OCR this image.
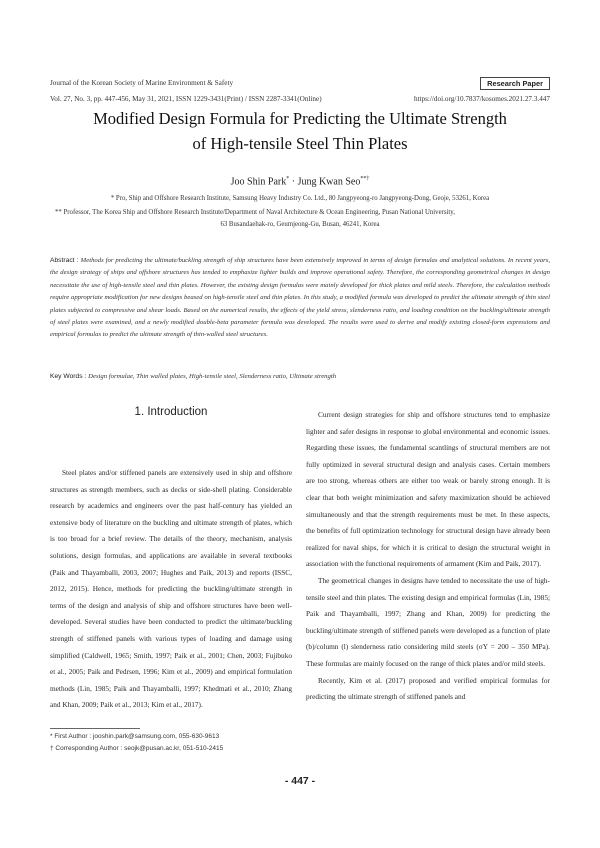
Journal of the Korean Society of Marine Environment & Safety	Research Paper
Vol. 27, No. 3, pp. 447-456, May 31, 2021, ISSN 1229-3431(Print) / ISSN 2287-3341(Online)	https://doi.org/10.7837/kosomes.2021.27.3.447
Modified Design Formula for Predicting the Ultimate Strength
of High-tensile Steel Thin Plates
Joo Shin Park* · Jung Kwan Seo**†
* Pro, Ship and Offshore Research Institute, Samsung Heavy Industry Co. Ltd., 80 Jangpyeong-ro Jangpyeong-Dong, Geoje, 53261, Korea
** Professor, The Korea Ship and Offshore Research Institute/Department of Naval Architecture & Ocean Engineering, Pusan National University,
63 Busandaehak-ro, Geumjeong-Gu, Busan, 46241, Korea
Abstract : Methods for predicting the ultimate/buckling strength of ship structures have been extensively improved in terms of design formulas and analytical solutions. In recent years, the design strategy of ships and offshore structures has tended to emphasize lighter builds and improve operational safety. Therefore, the corresponding geometrical changes in design necessitate the use of high-tensile steel and thin plates. However, the existing design formulas were mainly developed for thick plates and mild steels. Therefore, the calculation methods require appropriate modification for new designs beased on high-tensile steel and thin plates. In this study, a modified formula was developed to predict the ultimate strength of thin steel plates subjected to compressive and shear loads. Based on the numerical results, the effects of the yield stress, slenderness ratio, and loading condition on the buckling/ultimate strength of steel plates were examined, and a newly modified double-beta parameter formula was developed. The results were used to derive and modify existing closed-form expressions and empirical formulas to predict the ultimate strength of thin-walled steel structures.
Key Words : Design formulae, Thin walled plates, High-tensile steel, Slenderness ratio, Ultimate strength
1. Introduction

Steel plates and/or stiffened panels are extensively used in ship and offshore structures as strength members, such as decks or side-shell plating. Considerable research by academics and engineers over the past half-century has yielded an extensive body of literature on the buckling and ultimate strength of plates, which is too broad for a brief review. The details of the theory, mechanism, analysis solutions, design formulas, and applications are available in several textbooks (Paik and Thayamballi, 2003, 2007; Hughes and Paik, 2013) and reports (ISSC, 2012, 2015). Hence, methods for predicting the buckling/ultimate strength in terms of the design and analysis of ship and offshore structures have been well-developed. Several studies have been conducted to predict the ultimate/buckling strength of stiffened panels with various types of loading and damage using simplified (Caldwell, 1965; Smith, 1997; Paik et al., 2001; Chen, 2003; Fujibuko et al., 2005; Paik and Pedrsen, 1996; Kim et al., 2009) and empirical formulation methods (Lin, 1985; Paik and Thayamballi, 1997; Khedmati et al., 2010; Zhang and Khan, 2009; Paik et al., 2013; Kim et al., 2017).

Current design strategies for ship and offshore structures tend to emphasize lighter and safer designs in response to global environmental and economic issues. Regarding these issues, the fundamental scantlings of structural members are not fully optimized in several structural design and analysis cases. Certain members are too strong, whereas others are either too weak or barely strong enough. It is clear that both weight minimization and safety maximization should be achieved simultaneously and that the strength requirements must be met. In these aspects, the benefits of full optimization technology for structural design have already been realized for naval ships, for which it is critical to design the structural weight in association with the functional requirements of armament (Kim and Paik, 2017).

The geometrical changes in designs have tended to necessitate the use of high-tensile steel and thin plates. The existing design and empirical formulas (Lin, 1985; Paik and Thayamballi, 1997; Zhang and Khan, 2009) for predicting the buckling/ultimate strength of stiffened panels were developed as a function of plate (b)/column (l) slenderness ratio considering mild steels (σY = 200 – 350 MPa). These formulas are mainly focused on the range of thick plates and/or mild steels.

Recently, Kim et al. (2017) proposed and verified empirical formulas for predicting the ultimate strength of stiffened panels and

* First Author : jooshin.park@samsung.com, 055-630-9613
† Corresponding Author : seojk@pusan.ac.kr, 051-510-2415
- 447 -
